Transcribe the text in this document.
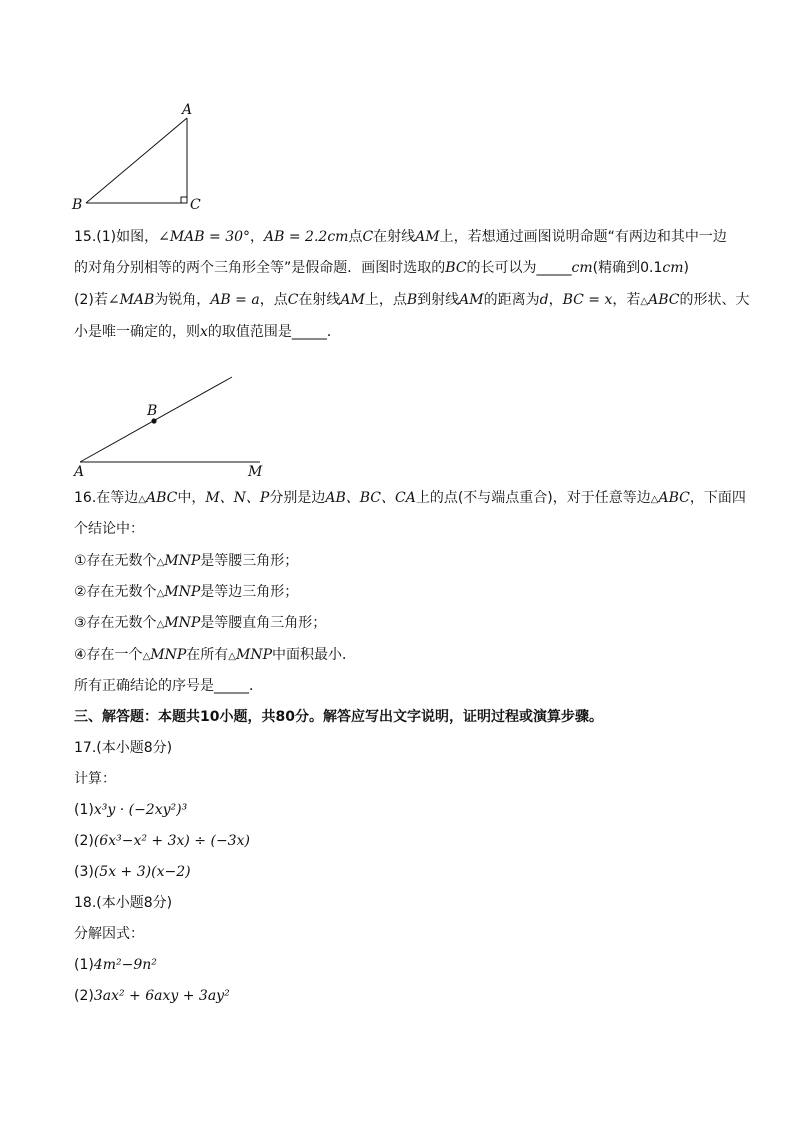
A
B	C
15.(1)如图，∠MAB = 30°，AB = 2.2cm点C在射线AM上，若想通过画图说明命题“有两边和其中一边
的对角分别相等的两个三角形全等”是假命题．画图时选取的BC的长可以为_____cm(精确到0.1cm)
(2)若∠MAB为锐角，AB = a，点C在射线AM上，点B到射线AM的距离为d，BC = x，若△ABC的形状、大
小是唯一确定的，则x的取值范围是_____．
B
A	M
16.在等边△ABC中，M、N、P分别是边AB、BC、CA上的点(不与端点重合)，对于任意等边△ABC，下面四
个结论中：
①存在无数个△MNP是等腰三角形；
②存在无数个△MNP是等边三角形；
③存在无数个△MNP是等腰直角三角形；
④存在一个△MNP在所有△MNP中面积最小．
所有正确结论的序号是_____．
三、解答题：本题共10小题，共80分。解答应写出文字说明，证明过程或演算步骤。
17.(本小题8分)
计算：
(1)x³y · (−2xy²)³
(2)(6x³−x² + 3x) ÷ (−3x)
(3)(5x + 3)(x−2)
18.(本小题8分)
分解因式：
(1)4m²−9n²
(2)3ax² + 6axy + 3ay²
